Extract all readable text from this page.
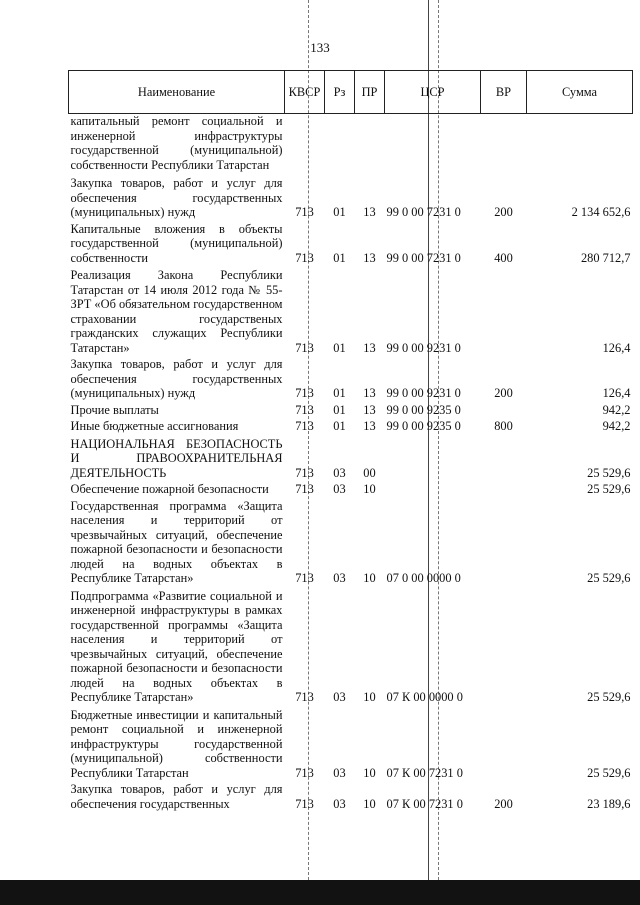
133
Наименование	КВСР	Рз	ПР	ЦСР	ВР	Сумма
капитальный ремонт социальной и инженерной инфраструктуры государственной (муниципальной) собственности Республики Татарстан						
Закупка товаров, работ и услуг для обеспечения государственных (муниципальных) нужд	713	01	13	99 0 00 7231 0	200	2 134 652,6
Капитальные вложения в объекты государственной (муниципальной) собственности	713	01	13	99 0 00 7231 0	400	280 712,7
Реализация Закона Республики Татарстан от 14 июля 2012 года № 55-ЗРТ «Об обязательном государственном страховании государственых гражданских служащих Республики Татарстан»	713	01	13	99 0 00 9231 0		126,4
Закупка товаров, работ и услуг для обеспечения государственных (муниципальных) нужд	713	01	13	99 0 00 9231 0	200	126,4
Прочие выплаты	713	01	13	99 0 00 9235 0		942,2
Иные бюджетные ассигнования	713	01	13	99 0 00 9235 0	800	942,2
НАЦИОНАЛЬНАЯ БЕЗОПАСНОСТЬ И ПРАВООХРАНИТЕЛЬНАЯ ДЕЯТЕЛЬНОСТЬ	713	03	00			25 529,6
Обеспечение пожарной безопасности	713	03	10			25 529,6
Государственная программа «Защита населения и территорий от чрезвычайных ситуаций, обеспечение пожарной безопасности и безопасности людей на водных объектах в Республике Татарстан»	713	03	10	07 0 00 0000 0		25 529,6
Подпрограмма «Развитие социальной и инженерной инфраструктуры в рамках государственной программы «Защита населения и территорий от чрезвычайных ситуаций, обеспечение пожарной безопасности и безопасности людей на водных объектах в Республике Татарстан»	713	03	10	07 К 00 0000 0		25 529,6
Бюджетные инвестиции и капитальный ремонт социальной и инженерной инфраструктуры государственной (муниципальной) собственности Республики Татарстан	713	03	10	07 К 00 7231 0		25 529,6
Закупка товаров, работ и услуг для обеспечения государственных	713	03	10	07 К 00 7231 0	200	23 189,6
